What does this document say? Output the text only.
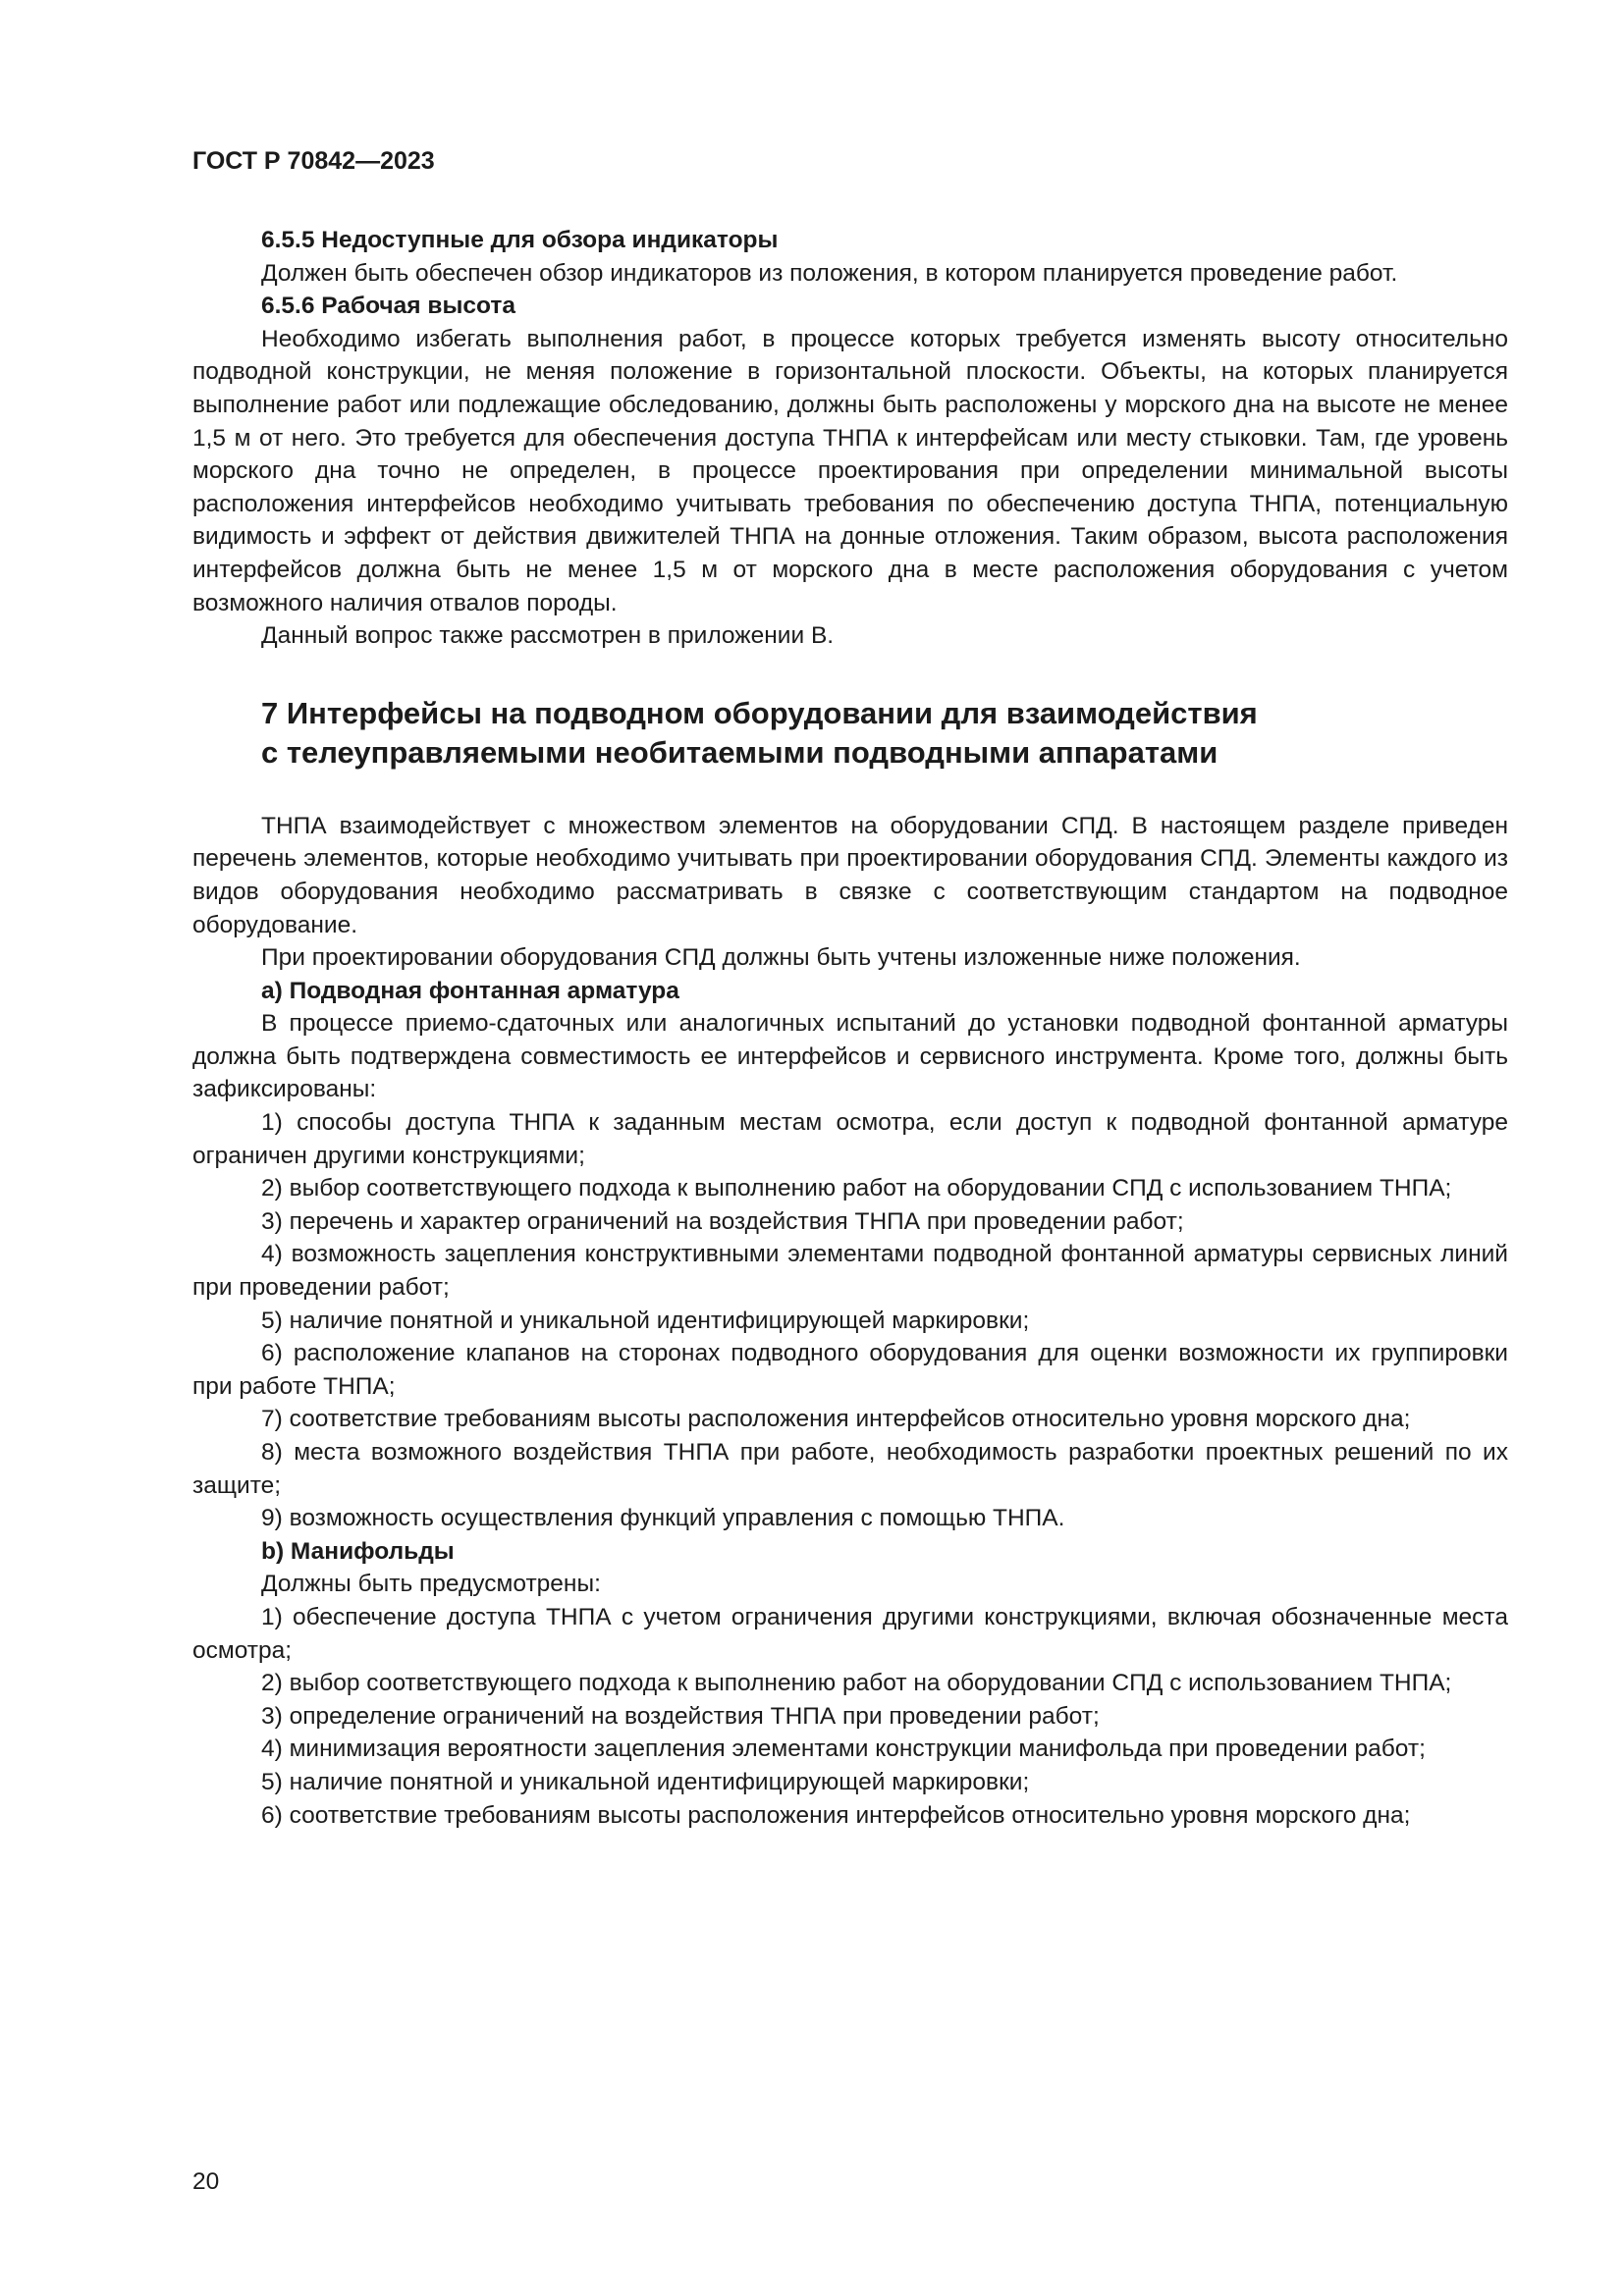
ГОСТ Р 70842—2023

6.5.5 Недоступные для обзора индикаторы

Должен быть обеспечен обзор индикаторов из положения, в котором планируется проведение работ.

6.5.6 Рабочая высота

Необходимо избегать выполнения работ, в процессе которых требуется изменять высоту относительно подводной конструкции, не меняя положение в горизонтальной плоскости. Объекты, на которых планируется выполнение работ или подлежащие обследованию, должны быть расположены у морского дна на высоте не менее 1,5 м от него. Это требуется для обеспечения доступа ТНПА к интерфейсам или месту стыковки. Там, где уровень морского дна точно не определен, в процессе проектирования при определении минимальной высоты расположения интерфейсов необходимо учитывать требования по обеспечению доступа ТНПА, потенциальную видимость и эффект от действия движителей ТНПА на донные отложения. Таким образом, высота расположения интерфейсов должна быть не менее 1,5 м от морского дна в месте расположения оборудования с учетом возможного наличия отвалов породы.

Данный вопрос также рассмотрен в приложении В.

7 Интерфейсы на подводном оборудовании для взаимодействия
с телеуправляемыми необитаемыми подводными аппаратами

ТНПА взаимодействует с множеством элементов на оборудовании СПД. В настоящем разделе приведен перечень элементов, которые необходимо учитывать при проектировании оборудования СПД. Элементы каждого из видов оборудования необходимо рассматривать в связке с соответствующим стандартом на подводное оборудование.

При проектировании оборудования СПД должны быть учтены изложенные ниже положения.

a) Подводная фонтанная арматура

В процессе приемо-сдаточных или аналогичных испытаний до установки подводной фонтанной арматуры должна быть подтверждена совместимость ее интерфейсов и сервисного инструмента. Кроме того, должны быть зафиксированы:

1) способы доступа ТНПА к заданным местам осмотра, если доступ к подводной фонтанной арматуре ограничен другими конструкциями;

2) выбор соответствующего подхода к выполнению работ на оборудовании СПД с использованием ТНПА;

3) перечень и характер ограничений на воздействия ТНПА при проведении работ;

4) возможность зацепления конструктивными элементами подводной фонтанной арматуры сервисных линий при проведении работ;

5) наличие понятной и уникальной идентифицирующей маркировки;

6) расположение клапанов на сторонах подводного оборудования для оценки возможности их группировки при работе ТНПА;

7) соответствие требованиям высоты расположения интерфейсов относительно уровня морского дна;

8) места возможного воздействия ТНПА при работе, необходимость разработки проектных решений по их защите;

9) возможность осуществления функций управления с помощью ТНПА.

b) Манифольды

Должны быть предусмотрены:

1) обеспечение доступа ТНПА с учетом ограничения другими конструкциями, включая обозначенные места осмотра;

2) выбор соответствующего подхода к выполнению работ на оборудовании СПД с использованием ТНПА;

3) определение ограничений на воздействия ТНПА при проведении работ;

4) минимизация вероятности зацепления элементами конструкции манифольда при проведении работ;

5) наличие понятной и уникальной идентифицирующей маркировки;

6) соответствие требованиям высоты расположения интерфейсов относительно уровня морского дна;

20
